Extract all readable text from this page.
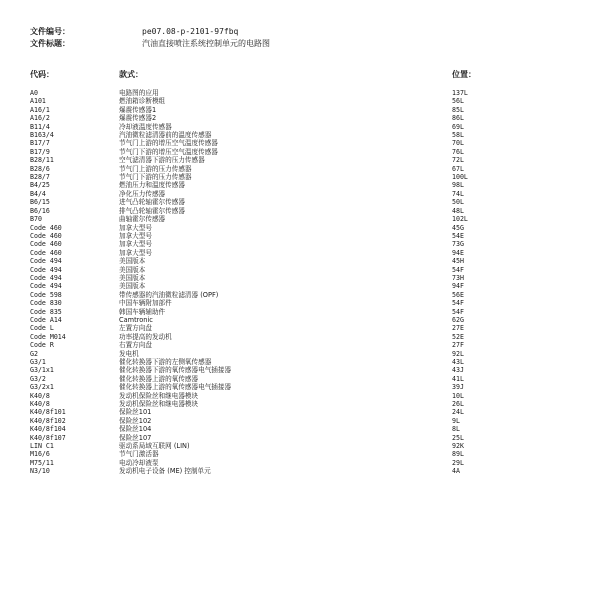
文件编号：	pe07.08-p-2101-97fbq
文件标题：	汽油直接喷注系统控制单元的电路图
代码：	款式：	位置：
A0	电路图的应用	137L
A101	燃油箱诊断模组	56L
A16/1	爆震传感器1	85L
A16/2	爆震传感器2	86L
B11/4	冷却液温度传感器	69L
B163/4	汽油微粒滤清器前的温度传感器	58L
B17/7	节气门上游的增压空气温度传感器	70L
B17/9	节气门下游的增压空气温度传感器	76L
B28/11	空气滤清器下游的压力传感器	72L
B28/6	节气门上游的压力传感器	67L
B28/7	节气门下游的压力传感器	100L
B4/25	燃油压力和温度传感器	98L
B4/4	净化压力传感器	74L
B6/15	进气凸轮轴霍尔传感器	50L
B6/16	排气凸轮轴霍尔传感器	48L
B70	曲轴霍尔传感器	102L
Code 460	加拿大型号	45G
Code 460	加拿大型号	54E
Code 460	加拿大型号	73G
Code 460	加拿大型号	94E
Code 494	美国版本	45H
Code 494	美国版本	54F
Code 494	美国版本	73H
Code 494	美国版本	94F
Code 598	带传感器的汽油微粒滤清器 (OPF)	56E
Code 830	中国车辆附加部件	54F
Code 835	韩国车辆辅助件	54F
Code A14	Camtronic	62G
Code L	左置方向盘	27E
Code M014	功率提高的发动机	52E
Code R	右置方向盘	27F
G2	发电机	92L
G3/1	催化转换器下游的左侧氧传感器	43L
G3/1x1	催化转换器下游的氧传感器电气插接器	43J
G3/2	催化转换器上游的氧传感器	41L
G3/2x1	催化转换器上游的氧传感器电气插接器	39J
K40/8	发动机保险丝和继电器模块	10L
K40/8	发动机保险丝和继电器模块	26L
K40/8f101	保险丝101	24L
K40/8f102	保险丝102	9L
K40/8f104	保险丝104	8L
K40/8f107	保险丝107	25L
LIN C1	驱动系局域互联网 (LIN)	92K
M16/6	节气门激活器	89L
M75/11	电动冷却液泵	29L
N3/10	发动机电子设备 (ME) 控制单元	4A
